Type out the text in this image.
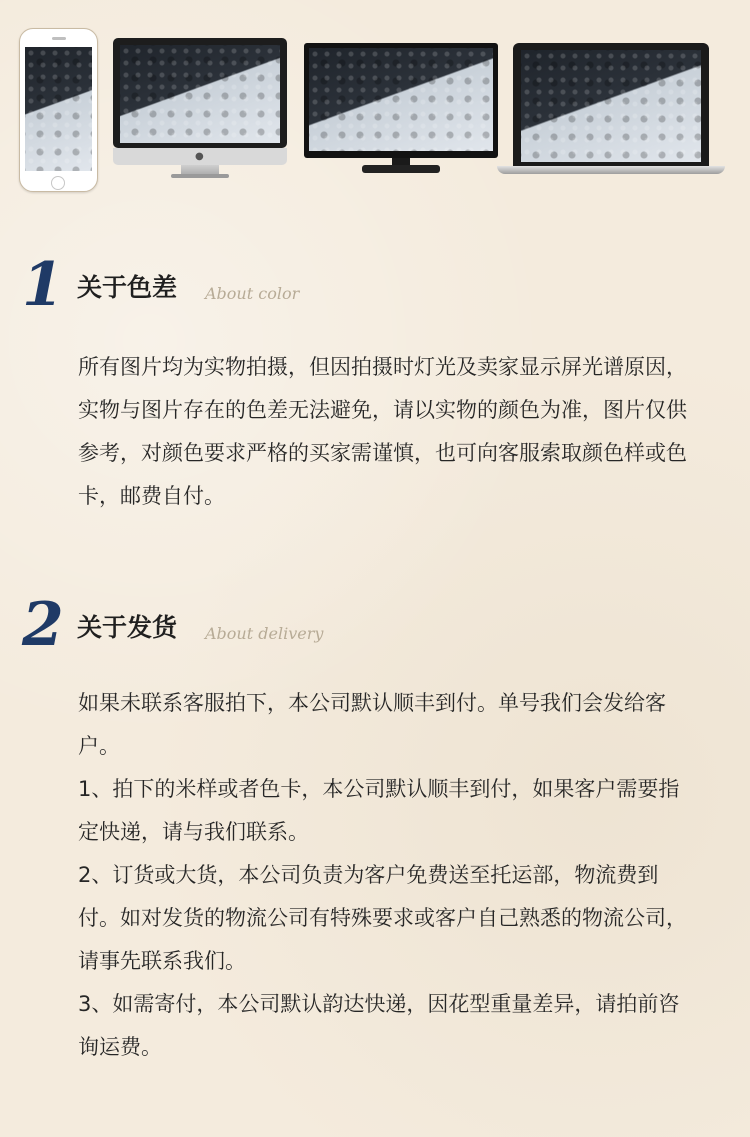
●
1 关于色差 About color

所有图片均为实物拍摄，但因拍摄时灯光及卖家显示屏光谱原因，实物与图片存在的色差无法避免，请以实物的颜色为准，图片仅供参考，对颜色要求严格的买家需谨慎，也可向客服索取颜色样或色卡，邮费自付。

2 关于发货 About delivery

如果未联系客服拍下，本公司默认顺丰到付。单号我们会发给客户。

1、拍下的米样或者色卡，本公司默认顺丰到付，如果客户需要指定快递，请与我们联系。

2、订货或大货，本公司负责为客户免费送至托运部，物流费到付。如对发货的物流公司有特殊要求或客户自己熟悉的物流公司，请事先联系我们。

3、如需寄付，本公司默认韵达快递，因花型重量差异，请拍前咨询运费。
